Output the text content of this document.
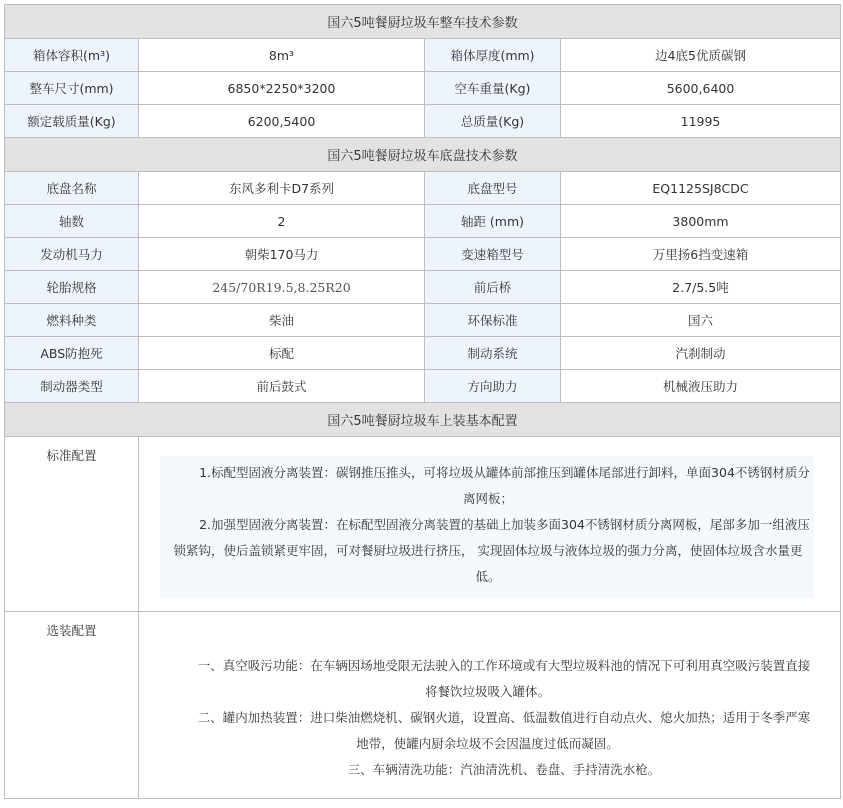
国六5吨餐厨垃圾车整车技术参数			
箱体容积(m³)	8m³	箱体厚度(mm)	边4底5优质碳钢
整车尺寸(mm)	6850*2250*3200	空车重量(Kg)	5600,6400
额定载质量(Kg)	6200,5400	总质量(Kg)	11995
国六5吨餐厨垃圾车底盘技术参数			
底盘名称	东风多利卡D7系列	底盘型号	EQ1125SJ8CDC
轴数	2	轴距 (mm)	3800mm
发动机马力	朝柴170马力	变速箱型号	万里扬6挡变速箱
轮胎规格	245/70R19.5,8.25R20	前后桥	2.7/5.5吨
燃料种类	柴油	环保标准	国六
ABS防抱死	标配	制动系统	汽刹制动
制动器类型	前后鼓式	方向助力	机械液压助力
国六5吨餐厨垃圾车上装基本配置			
标准配置	1.标配型固液分离装置：碳钢推压推头，可将垃圾从罐体前部推压到罐体尾部进行卸料，单面304不锈钢材质分离网板；

2.加强型固液分离装置：在标配型固液分离装置的基础上加装多面304不锈钢材质分离网板，尾部多加一组液压锁紧钩，使后盖锁紧更牢固，可对餐厨垃圾进行挤压， 实现固体垃圾与液体垃圾的强力分离，使固体垃圾含水量更低。		

选装配置	一、真空吸污功能：在车辆因场地受限无法驶入的工作环境或有大型垃圾料池的情况下可利用真空吸污装置直接将餐饮垃圾吸入罐体。

二、罐内加热装置：进口柴油燃烧机、碳钢火道，设置高、低温数值进行自动点火、熄火加热；适用于冬季严寒地带，使罐内厨余垃圾不会因温度过低而凝固。

三、车辆清洗功能：汽油清洗机、卷盘、手持清洗水枪。		
